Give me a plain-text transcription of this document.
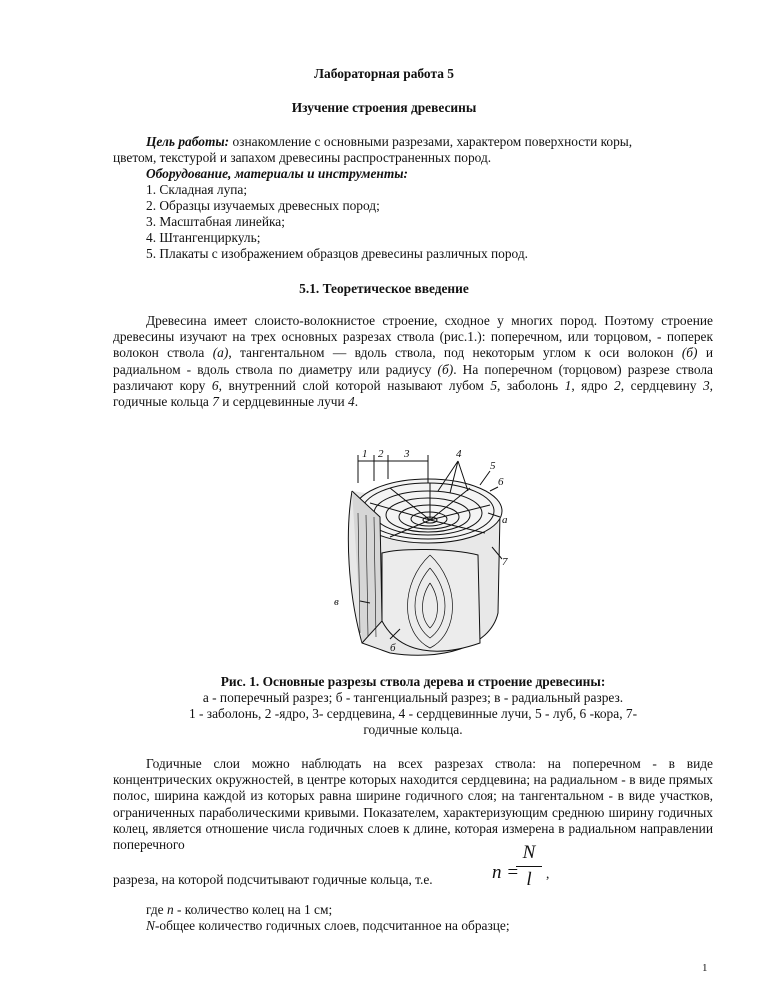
Лабораторная работа 5
Изучение строения древесины
Цель работы: ознакомление с основными разрезами, характером поверхности коры,
цветом, текстурой и запахом древесины распространенных пород.
Оборудование, материалы и инструменты:
1. Складная лупа;
2. Образцы изучаемых древесных пород;
3. Масштабная линейка;
4. Штангенциркуль;
5. Плакаты с изображением образцов древесины различных пород.
5.1. Теоретическое введение

Древесина имеет слоисто-волокнистое строение, сходное у многих пород. Поэтому строение древесины изучают на трех основных разрезах ствола (рис.1.): поперечном, или торцовом, - поперек волокон ствола (а), тангентальном — вдоль ствола, под некоторым углом к оси волокон (б) и радиальном - вдоль ствола по диаметру или радиусу (б). На поперечном (торцовом) разрезе ствола различают кору 6, внутренний слой которой называют лубом 5, заболонь 1, ядро 2, сердцевину 3, годичные кольца 7 и сердцевинные лучи 4.

1 2 3	4
5
6
а
7
в
б
Рис. 1. Основные разрезы ствола дерева и строение древесины:
а - поперечный разрез; б - тангенциальный разрез; в - радиальный разрез.
1 - заболонь, 2 -ядро, 3- сердцевина, 4 - сердцевинные лучи, 5 - луб, 6 -кора, 7-
годичные кольца.

Годичные слои можно наблюдать на всех разрезах ствола: на поперечном - в виде концентрических окружностей, в центре которых находится сердцевина; на радиальном - в виде прямых полос, ширина каждой из которых равна ширине годичного слоя; на тангентальном - в виде участков, ограниченных параболическими кривыми. Показателем, характеризующим среднюю ширину годичных колец, является отношение числа годичных слоев к длине, которая измерена в радиальном направлении поперечного

разреза, на которой подсчитывают годичные кольца, т.е.	n =
N
l	,
где n - количество колец на 1 см;
N-общее количество годичных слоев, подсчитанное на образце;
1
